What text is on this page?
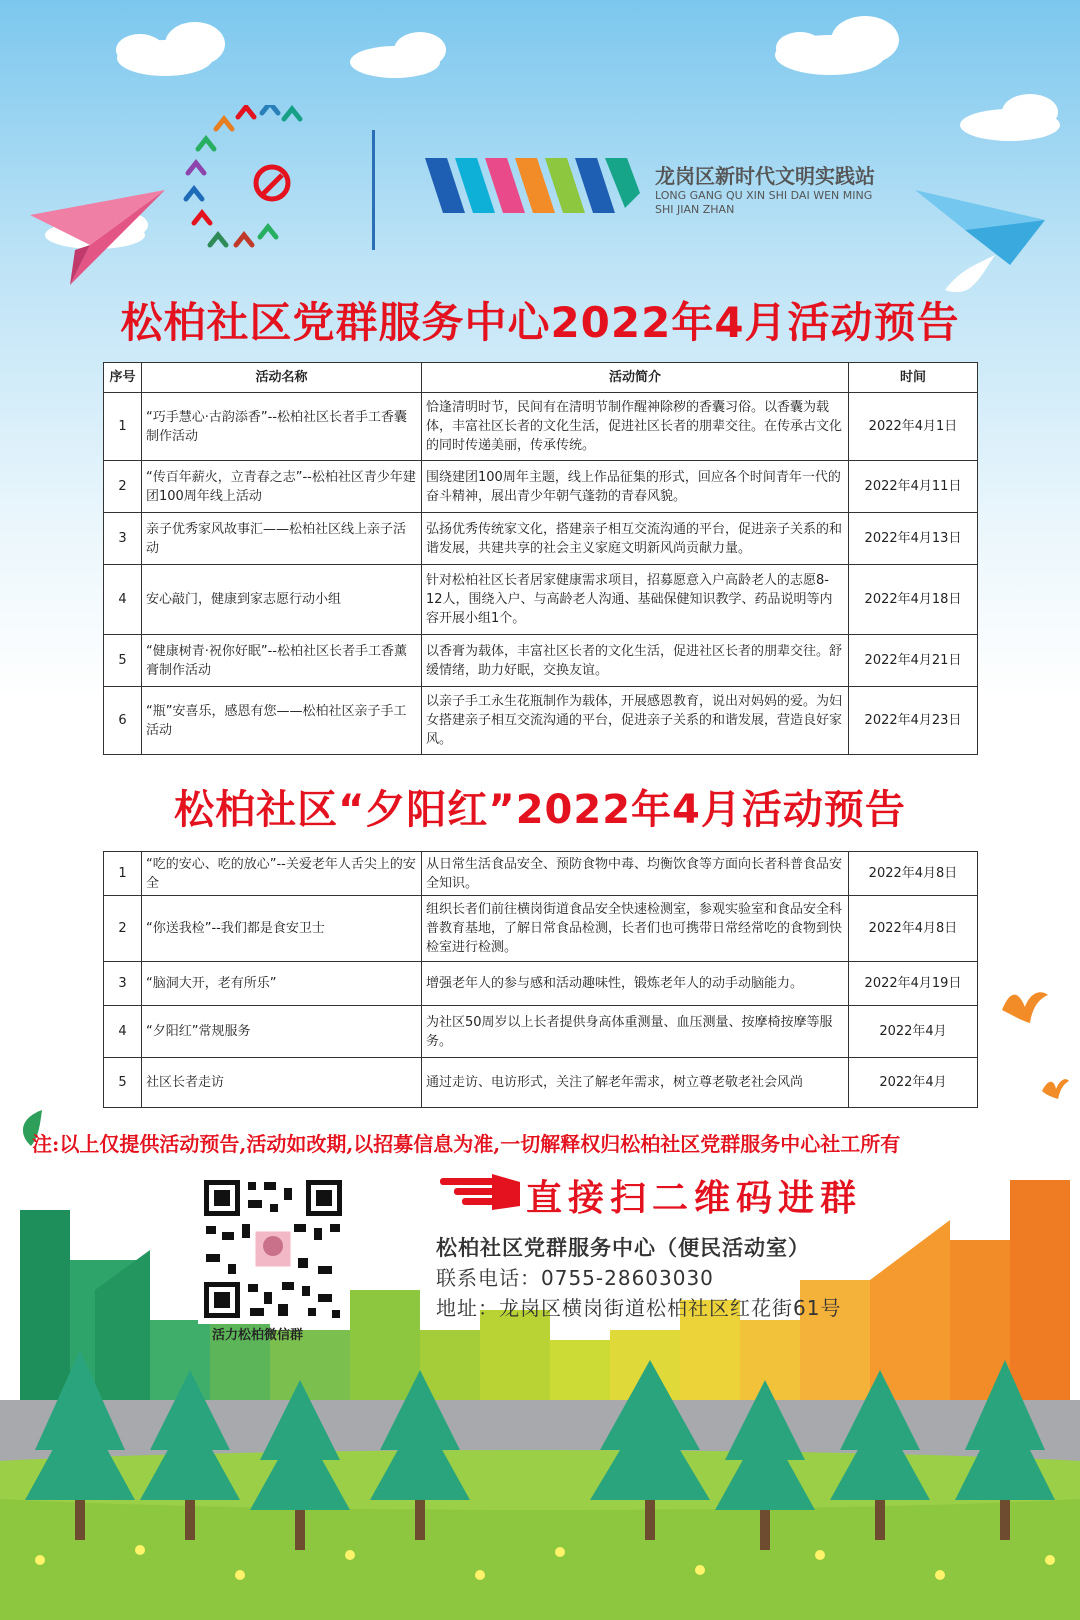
龙岗区新时代文明实践站
LONG GANG QU XIN SHI DAI WEN MING
SHI JIAN ZHAN
松柏社区党群服务中心2022年4月活动预告
序号	活动名称	活动简介	时间
1	“巧手慧心·古韵添香”--松柏社区长者手工香囊制作活动	恰逢清明时节，民间有在清明节制作醒神除秽的香囊习俗。以香囊为载体，丰富社区长者的文化生活，促进社区长者的朋辈交往。在传承古文化的同时传递美丽，传承传统。	2022年4月1日
2	“传百年薪火，立青春之志”--松柏社区青少年建团100周年线上活动	围绕建团100周年主题，线上作品征集的形式，回应各个时间青年一代的奋斗精神，展出青少年朝气蓬勃的青春风貌。	2022年4月11日
3	亲子优秀家风故事汇——松柏社区线上亲子活动	弘扬优秀传统家文化，搭建亲子相互交流沟通的平台，促进亲子关系的和谐发展，共建共享的社会主义家庭文明新风尚贡献力量。	2022年4月13日
4	安心敲门，健康到家志愿行动小组	针对松柏社区长者居家健康需求项目，招募愿意入户高龄老人的志愿8-12人，围绕入户、与高龄老人沟通、基础保健知识教学、药品说明等内容开展小组1个。	2022年4月18日
5	“健康树青·祝你好眠”--松柏社区长者手工香薰膏制作活动	以香膏为载体，丰富社区长者的文化生活，促进社区长者的朋辈交往。舒缓情绪，助力好眠，交换友谊。	2022年4月21日
6	“瓶”安喜乐，感恩有您——松柏社区亲子手工活动	以亲子手工永生花瓶制作为载体，开展感恩教育，说出对妈妈的爱。为妇女搭建亲子相互交流沟通的平台，促进亲子关系的和谐发展，营造良好家风。	2022年4月23日
松柏社区“夕阳红”2022年4月活动预告
1	“吃的安心、吃的放心”--关爱老年人舌尖上的安全	从日常生活食品安全、预防食物中毒、均衡饮食等方面向长者科普食品安全知识。	2022年4月8日
2	“你送我检”--我们都是食安卫士	组织长者们前往横岗街道食品安全快速检测室，参观实验室和食品安全科普教育基地，了解日常食品检测，长者们也可携带日常经常吃的食物到快检室进行检测。	2022年4月8日
3	“脑洞大开，老有所乐”	增强老年人的参与感和活动趣味性，锻炼老年人的动手动脑能力。	2022年4月19日
4	“夕阳红”常规服务	为社区50周岁以上长者提供身高体重测量、血压测量、按摩椅按摩等服务。	2022年4月
5	社区长者走访	通过走访、电访形式，关注了解老年需求，树立尊老敬老社会风尚	2022年4月
注:以上仅提供活动预告,活动如改期,以招募信息为准,一切解释权归松柏社区党群服务中心社工所有
直接扫二维码进群
活力松柏微信群
松柏社区党群服务中心（便民活动室）
联系电话：0755-28603030
地址：龙岗区横岗街道松柏社区红花街61号
